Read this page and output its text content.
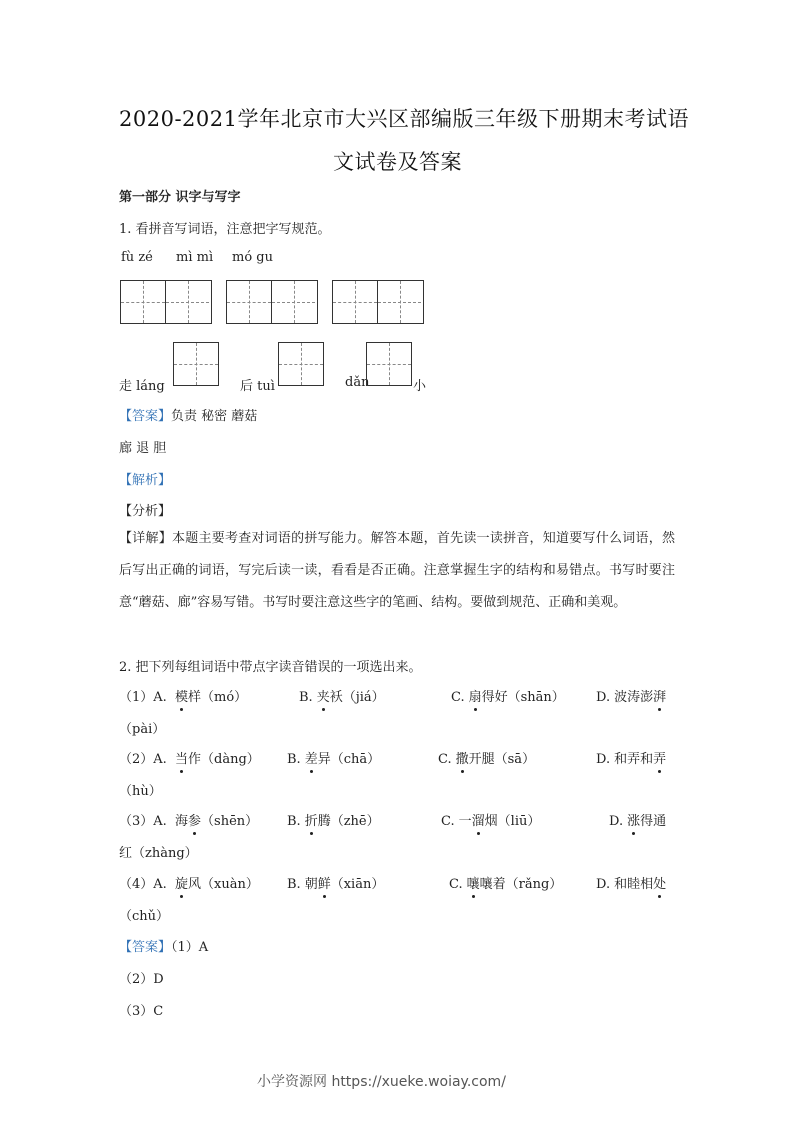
2020-2021学年北京市大兴区部编版三年级下册期末考试语
文试卷及答案
第一部分 识字与写字
1. 看拼音写词语，注意把字写规范。
fù zé mì mì mó gu
走 láng	后 tuì	dǎn	小
【答案】负责 秘密 蘑菇
廊 退 胆
【解析】
【分析】
【详解】本题主要考查对词语的拼写能力。解答本题，首先读一读拼音，知道要写什么词语，然后写出正确的词语，写完后读一读，看看是否正确。注意掌握生字的结构和易错点。书写时要注意“蘑菇、廊”容易写错。书写时要注意这些字的笔画、结构。要做到规范、正确和美观。
2. 把下列每组词语中带点字读音错误的一项选出来。
（1）A. 模样（mó）	B. 夹袄（jiá）	C. 扇得好（shān） D. 波涛澎湃
（pài）
（2）A. 当作（dàng） B. 差异（chā）	C. 撒开腿（sā）	D. 和弄和弄
（hù）
（3）A. 海参（shēn） B. 折腾（zhē）	C. 一溜烟（liū）	D. 涨得通
红（zhàng）
（4）A. 旋风（xuàn） B. 朝鲜（xiān）	C. 嚷嚷着（rǎng）	D. 和睦相处
（chǔ）
【答案】（1）A
（2）D
（3）C
小学资源网 https://xueke.woiay.com/
